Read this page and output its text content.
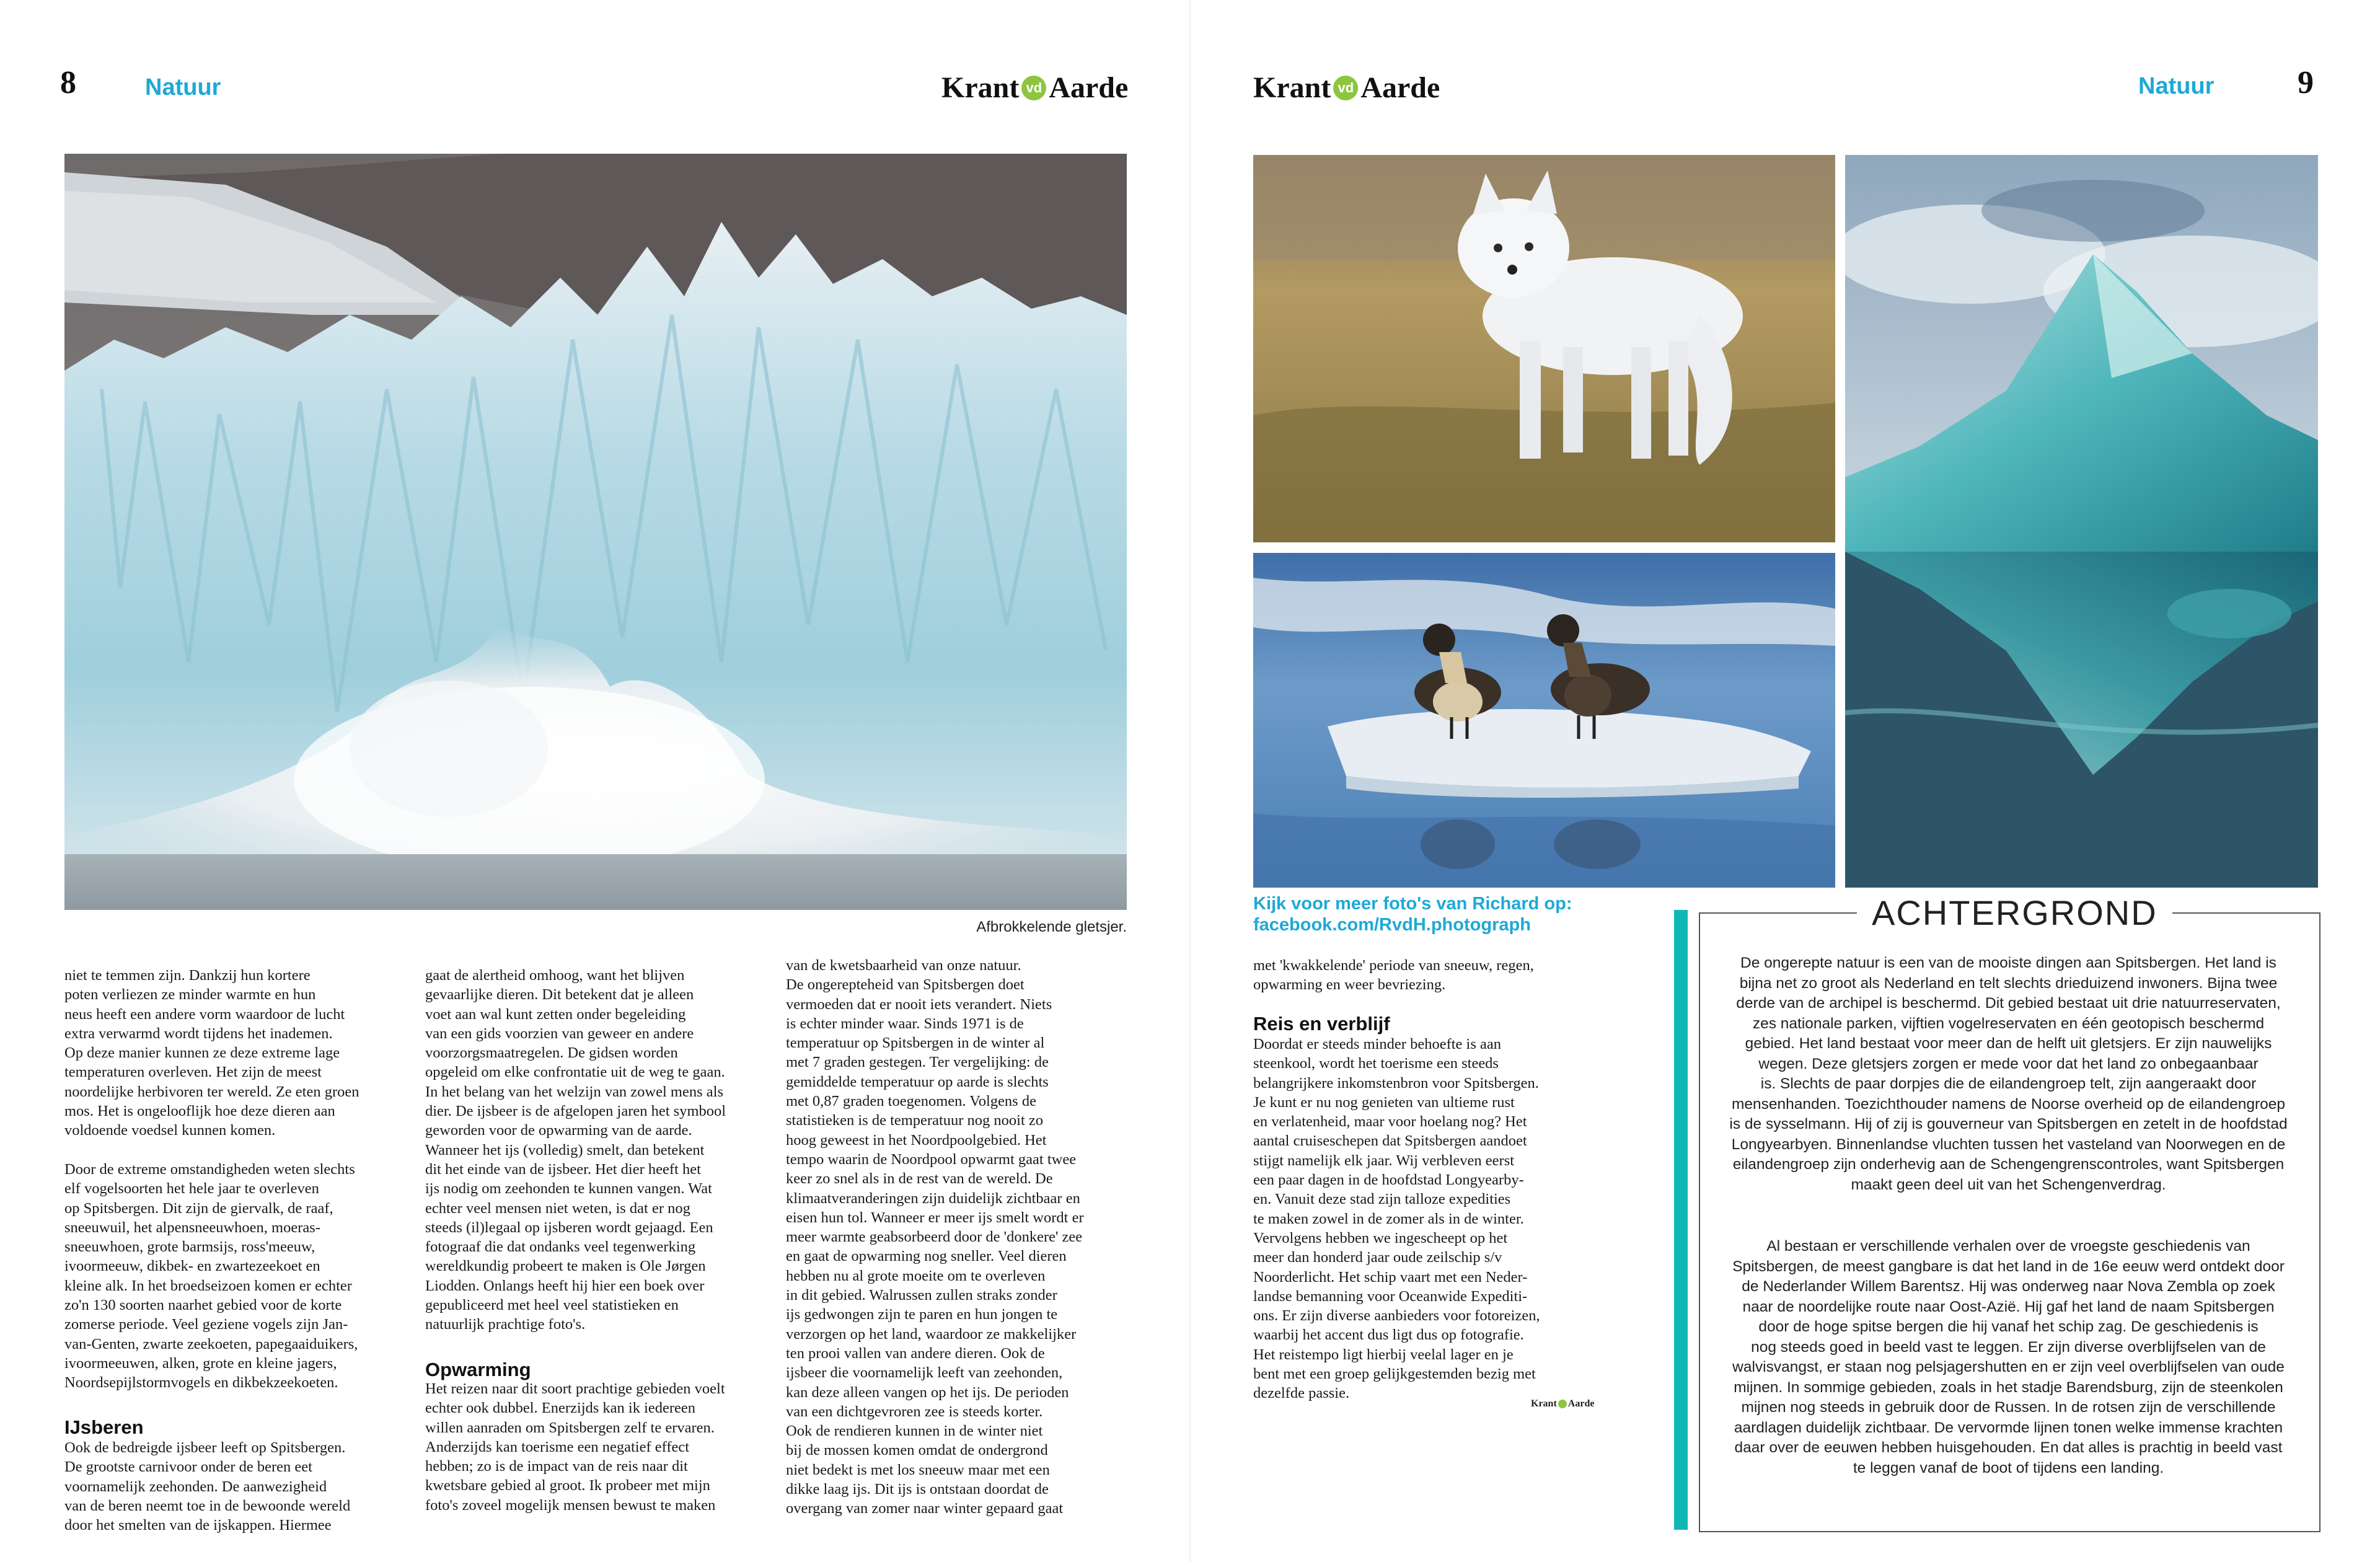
8	Natuur	Krant vd Aarde
Afbrokkelende gletsjer.
niet te temmen zijn. Dankzij hun kortere
poten verliezen ze minder warmte en hun
neus heeft een andere vorm waardoor de lucht
extra verwarmd wordt tijdens het inademen.
Op deze manier kunnen ze deze extreme lage
temperaturen overleven. Het zijn de meest
noordelijke herbivoren ter wereld. Ze eten groen
mos. Het is ongelooflijk hoe deze dieren aan
voldoende voedsel kunnen komen.

Door de extreme omstandigheden weten slechts
elf vogelsoorten het hele jaar te overleven
op Spitsbergen. Dit zijn de giervalk, de raaf,
sneeuwuil, het alpensneeuwhoen, moeras-
sneeuwhoen, grote barmsijs, ross'meeuw,
ivoormeeuw, dikbek- en zwartezeekoet en
kleine alk. In het broedseizoen komen er echter
zo'n 130 soorten naarhet gebied voor de korte
zomerse periode. Veel geziene vogels zijn Jan-
van-Genten, zwarte zeekoeten, papegaaiduikers,
ivoormeeuwen, alken, grote en kleine jagers,
Noordsepijlstormvogels en dikbekzeekoeten.
IJsberen
Ook de bedreigde ijsbeer leeft op Spitsbergen.
De grootste carnivoor onder de beren eet
voornamelijk zeehonden. De aanwezigheid
van de beren neemt toe in de bewoonde wereld
door het smelten van de ijskappen. Hiermee
gaat de alertheid omhoog, want het blijven
gevaarlijke dieren. Dit betekent dat je alleen
voet aan wal kunt zetten onder begeleiding
van een gids voorzien van geweer en andere
voorzorgsmaatregelen. De gidsen worden
opgeleid om elke confrontatie uit de weg te gaan.
In het belang van het welzijn van zowel mens als
dier. De ijsbeer is de afgelopen jaren het symbool
geworden voor de opwarming van de aarde.
Wanneer het ijs (volledig) smelt, dan betekent
dit het einde van de ijsbeer. Het dier heeft het
ijs nodig om zeehonden te kunnen vangen. Wat
echter veel mensen niet weten, is dat er nog
steeds (il)legaal op ijsberen wordt gejaagd. Een
fotograaf die dat ondanks veel tegenwerking
wereldkundig probeert te maken is Ole Jørgen
Liodden. Onlangs heeft hij hier een boek over
gepubliceerd met heel veel statistieken en
natuurlijk prachtige foto's.
Opwarming
Het reizen naar dit soort prachtige gebieden voelt
echter ook dubbel. Enerzijds kan ik iedereen
willen aanraden om Spitsbergen zelf te ervaren.
Anderzijds kan toerisme een negatief effect
hebben; zo is de impact van de reis naar dit
kwetsbare gebied al groot. Ik probeer met mijn
foto's zoveel mogelijk mensen bewust te maken
van de kwetsbaarheid van onze natuur.
De ongerepteheid van Spitsbergen doet
vermoeden dat er nooit iets verandert. Niets
is echter minder waar. Sinds 1971 is de
temperatuur op Spitsbergen in de winter al
met 7 graden gestegen. Ter vergelijking: de
gemiddelde temperatuur op aarde is slechts
met 0,87 graden toegenomen. Volgens de
statistieken is de temperatuur nog nooit zo
hoog geweest in het Noordpoolgebied. Het
tempo waarin de Noordpool opwarmt gaat twee
keer zo snel als in de rest van de wereld. De
klimaatveranderingen zijn duidelijk zichtbaar en
eisen hun tol. Wanneer er meer ijs smelt wordt er
meer warmte geabsorbeerd door de 'donkere' zee
en gaat de opwarming nog sneller. Veel dieren
hebben nu al grote moeite om te overleven
in dit gebied. Walrussen zullen straks zonder
ijs gedwongen zijn te paren en hun jongen te
verzorgen op het land, waardoor ze makkelijker
ten prooi vallen van andere dieren. Ook de
ijsbeer die voornamelijk leeft van zeehonden,
kan deze alleen vangen op het ijs. De perioden
van een dichtgevroren zee is steeds korter.
Ook de rendieren kunnen in de winter niet
bij de mossen komen omdat de ondergrond
niet bedekt is met los sneeuw maar met een
dikke laag ijs. Dit ijs is ontstaan doordat de
overgang van zomer naar winter gepaard gaat
Krant vd Aarde	Natuur	9
Kijk voor meer foto's van Richard op:
facebook.com/RvdH.photograph
met 'kwakkelende' periode van sneeuw, regen,
opwarming en weer bevriezing.
Reis en verblijf
Doordat er steeds minder behoefte is aan
steenkool, wordt het toerisme een steeds
belangrijkere inkomstenbron voor Spitsbergen.
Je kunt er nu nog genieten van ultieme rust
en verlatenheid, maar voor hoelang nog? Het
aantal cruiseschepen dat Spitsbergen aandoet
stijgt namelijk elk jaar. Wij verbleven eerst
een paar dagen in de hoofdstad Longyearby-
en. Vanuit deze stad zijn talloze expedities
te maken zowel in de zomer als in de winter.
Vervolgens hebben we ingescheept op het
meer dan honderd jaar oude zeilschip s/v
Noorderlicht. Het schip vaart met een Neder-
landse bemanning voor Oceanwide Expediti-
ons. Er zijn diverse aanbieders voor fotoreizen,
waarbij het accent dus ligt dus op fotografie.
Het reistempo ligt hierbij veelal lager en je
bent met een groep gelijkgestemden bezig met
dezelfde passie.
Krant Aarde
ACHTERGROND
De ongerepte natuur is een van de mooiste dingen aan Spitsbergen. Het land is
bijna net zo groot als Nederland en telt slechts drieduizend inwoners. Bijna twee
derde van de archipel is beschermd. Dit gebied bestaat uit drie natuurreservaten,
zes nationale parken, vijftien vogelreservaten en één geotopisch beschermd
gebied. Het land bestaat voor meer dan de helft uit gletsjers. Er zijn nauwelijks
wegen. Deze gletsjers zorgen er mede voor dat het land zo onbegaanbaar
is. Slechts de paar dorpjes die de eilandengroep telt, zijn aangeraakt door
mensenhanden. Toezichthouder namens de Noorse overheid op de eilandengroep
is de sysselmann. Hij of zij is gouverneur van Spitsbergen en zetelt in de hoofdstad
Longyearbyen. Binnenlandse vluchten tussen het vasteland van Noorwegen en de
eilandengroep zijn onderhevig aan de Schengengrenscontroles, want Spitsbergen
maakt geen deel uit van het Schengenverdrag.
Al bestaan er verschillende verhalen over de vroegste geschiedenis van
Spitsbergen, de meest gangbare is dat het land in de 16e eeuw werd ontdekt door
de Nederlander Willem Barentsz. Hij was onderweg naar Nova Zembla op zoek
naar de noordelijke route naar Oost-Azië. Hij gaf het land de naam Spitsbergen
door de hoge spitse bergen die hij vanaf het schip zag. De geschiedenis is
nog steeds goed in beeld vast te leggen. Er zijn diverse overblijfselen van de
walvisvangst, er staan nog pelsjagershutten en er zijn veel overblijfselen van oude
mijnen. In sommige gebieden, zoals in het stadje Barendsburg, zijn de steenkolen
mijnen nog steeds in gebruik door de Russen. In de rotsen zijn de verschillende
aardlagen duidelijk zichtbaar. De vervormde lijnen tonen welke immense krachten
daar over de eeuwen hebben huisgehouden. En dat alles is prachtig in beeld vast
te leggen vanaf de boot of tijdens een landing.
